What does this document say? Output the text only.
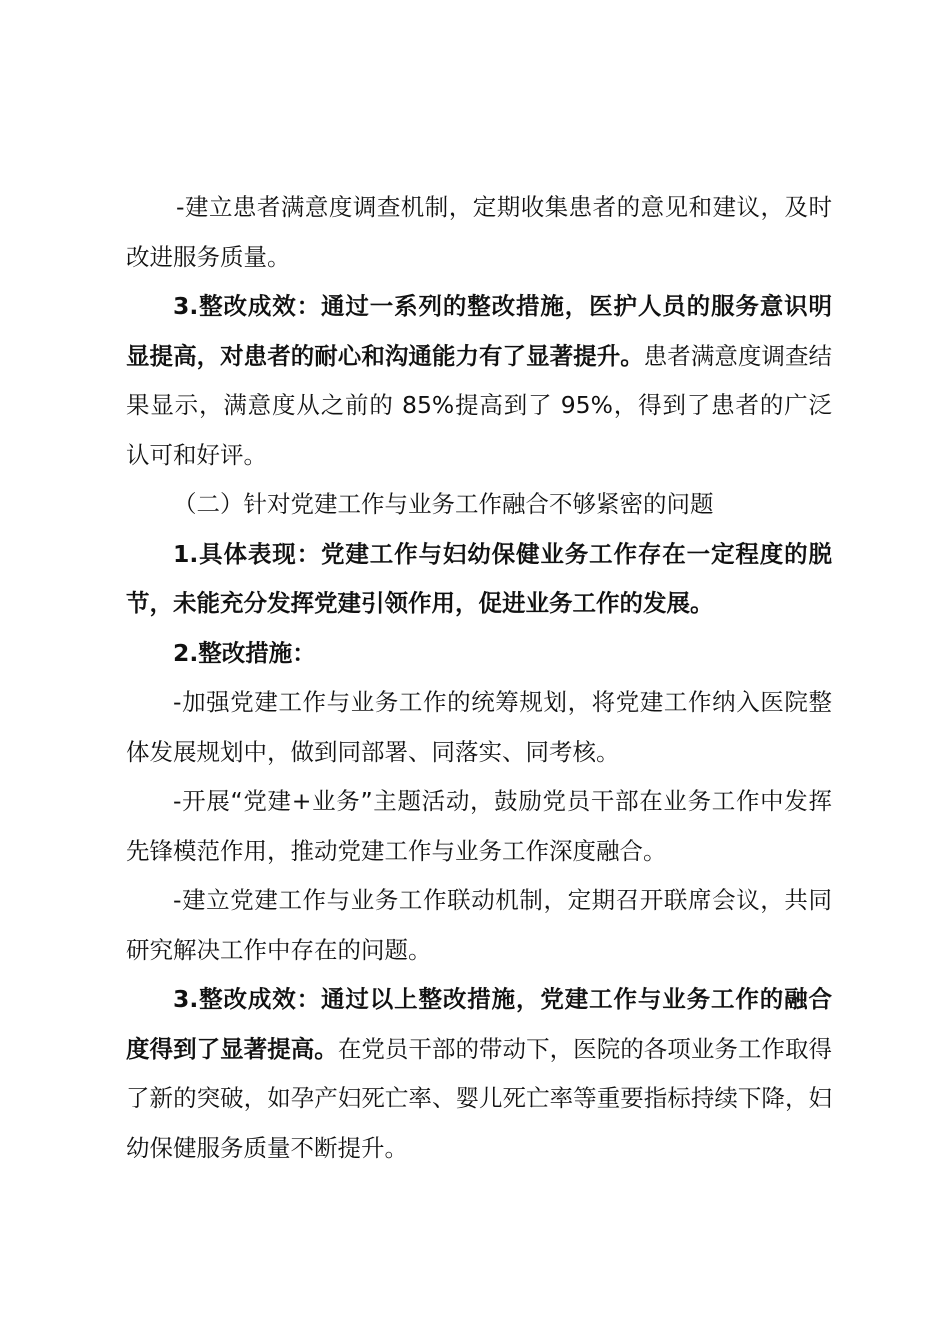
-建立患者满意度调查机制，定期收集患者的意见和建议，及时改进服务质量。

3.整改成效：通过一系列的整改措施，医护人员的服务意识明显提高，对患者的耐心和沟通能力有了显著提升。患者满意度调查结果显示，满意度从之前的 85%提高到了 95%，得到了患者的广泛认可和好评。

（二）针对党建工作与业务工作融合不够紧密的问题

1.具体表现：党建工作与妇幼保健业务工作存在一定程度的脱节，未能充分发挥党建引领作用，促进业务工作的发展。

2.整改措施：

-加强党建工作与业务工作的统筹规划，将党建工作纳入医院整体发展规划中，做到同部署、同落实、同考核。

-开展“党建+业务”主题活动，鼓励党员干部在业务工作中发挥先锋模范作用，推动党建工作与业务工作深度融合。

-建立党建工作与业务工作联动机制，定期召开联席会议，共同研究解决工作中存在的问题。

3.整改成效：通过以上整改措施，党建工作与业务工作的融合度得到了显著提高。在党员干部的带动下，医院的各项业务工作取得了新的突破，如孕产妇死亡率、婴儿死亡率等重要指标持续下降，妇幼保健服务质量不断提升。
